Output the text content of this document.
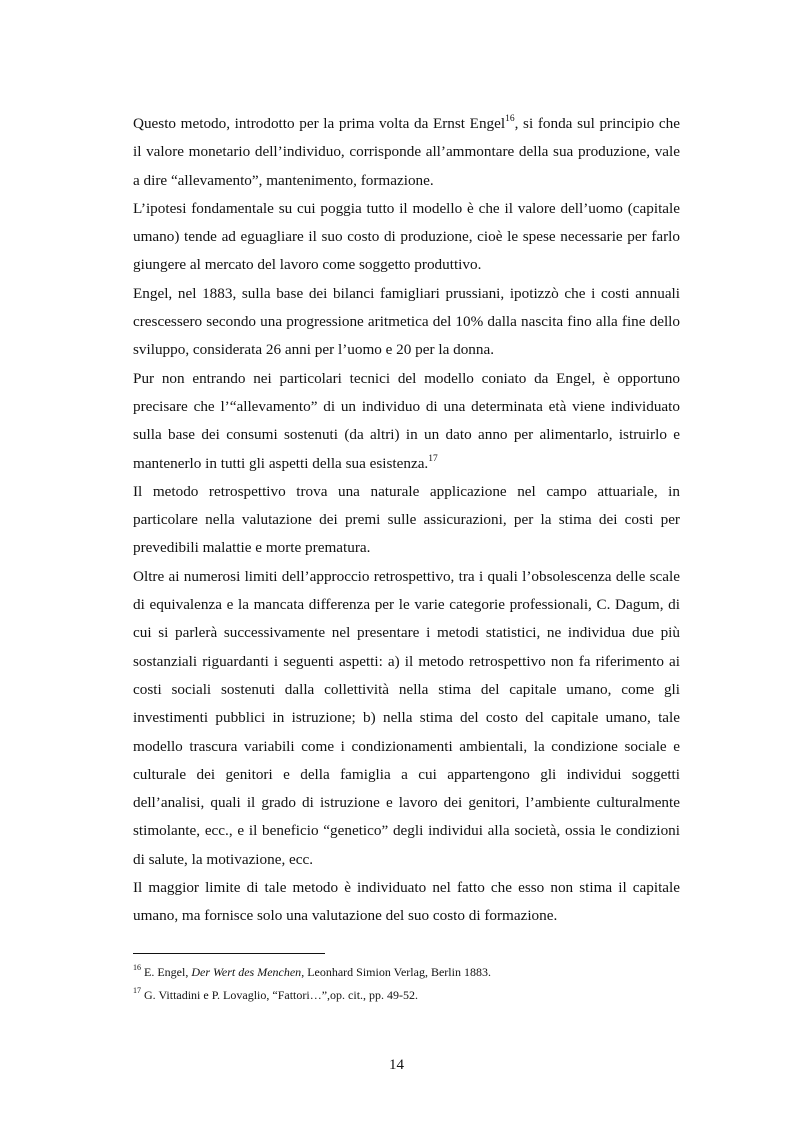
Questo metodo, introdotto per la prima volta da Ernst Engel$^{16}$, si fonda sul principio che il valore monetario dell’individuo, corrisponde all’ammontare della sua produzione, vale a dire “allevamento”, mantenimento, formazione.

L’ipotesi fondamentale su cui poggia tutto il modello è che il valore dell’uomo (capitale umano) tende ad eguagliare il suo costo di produzione, cioè le spese necessarie per farlo giungere al mercato del lavoro come soggetto produttivo.

Engel, nel 1883, sulla base dei bilanci famigliari prussiani, ipotizzò che i costi annuali crescessero secondo una progressione aritmetica del 10% dalla nascita fino alla fine dello sviluppo, considerata 26 anni per l’uomo e 20 per la donna.

Pur non entrando nei particolari tecnici del modello coniato da Engel, è opportuno precisare che l’“allevamento” di un individuo di una determinata età viene individuato sulla base dei consumi sostenuti (da altri) in un dato anno per alimentarlo, istruirlo e mantenerlo in tutti gli aspetti della sua esistenza.$^{17}$

Il metodo retrospettivo trova una naturale applicazione nel campo attuariale, in particolare nella valutazione dei premi sulle assicurazioni, per la stima dei costi per prevedibili malattie e morte prematura.

Oltre ai numerosi limiti dell’approccio retrospettivo, tra i quali l’obsolescenza delle scale di equivalenza e la mancata differenza per le varie categorie professionali, C. Dagum, di cui si parlerà successivamente nel presentare i metodi statistici, ne individua due più sostanziali riguardanti i seguenti aspetti: a) il metodo retrospettivo non fa riferimento ai costi sociali sostenuti dalla collettività nella stima del capitale umano, come gli investimenti pubblici in istruzione; b) nella stima del costo del capitale umano, tale modello trascura variabili come i condizionamenti ambientali, la condizione sociale e culturale dei genitori e della famiglia a cui appartengono gli individui soggetti dell’analisi, quali il grado di istruzione e lavoro dei genitori, l’ambiente culturalmente stimolante, ecc., e il beneficio “genetico” degli individui alla società, ossia le condizioni di salute, la motivazione, ecc.

Il maggior limite di tale metodo è individuato nel fatto che esso non stima il capitale umano, ma fornisce solo una valutazione del suo costo di formazione.

$^{16}$ E. Engel, Der Wert des Menchen, Leonhard Simion Verlag, Berlin 1883.

$^{17}$ G. Vittadini e P. Lovaglio, “Fattori…”,op. cit., pp. 49-52.

14
